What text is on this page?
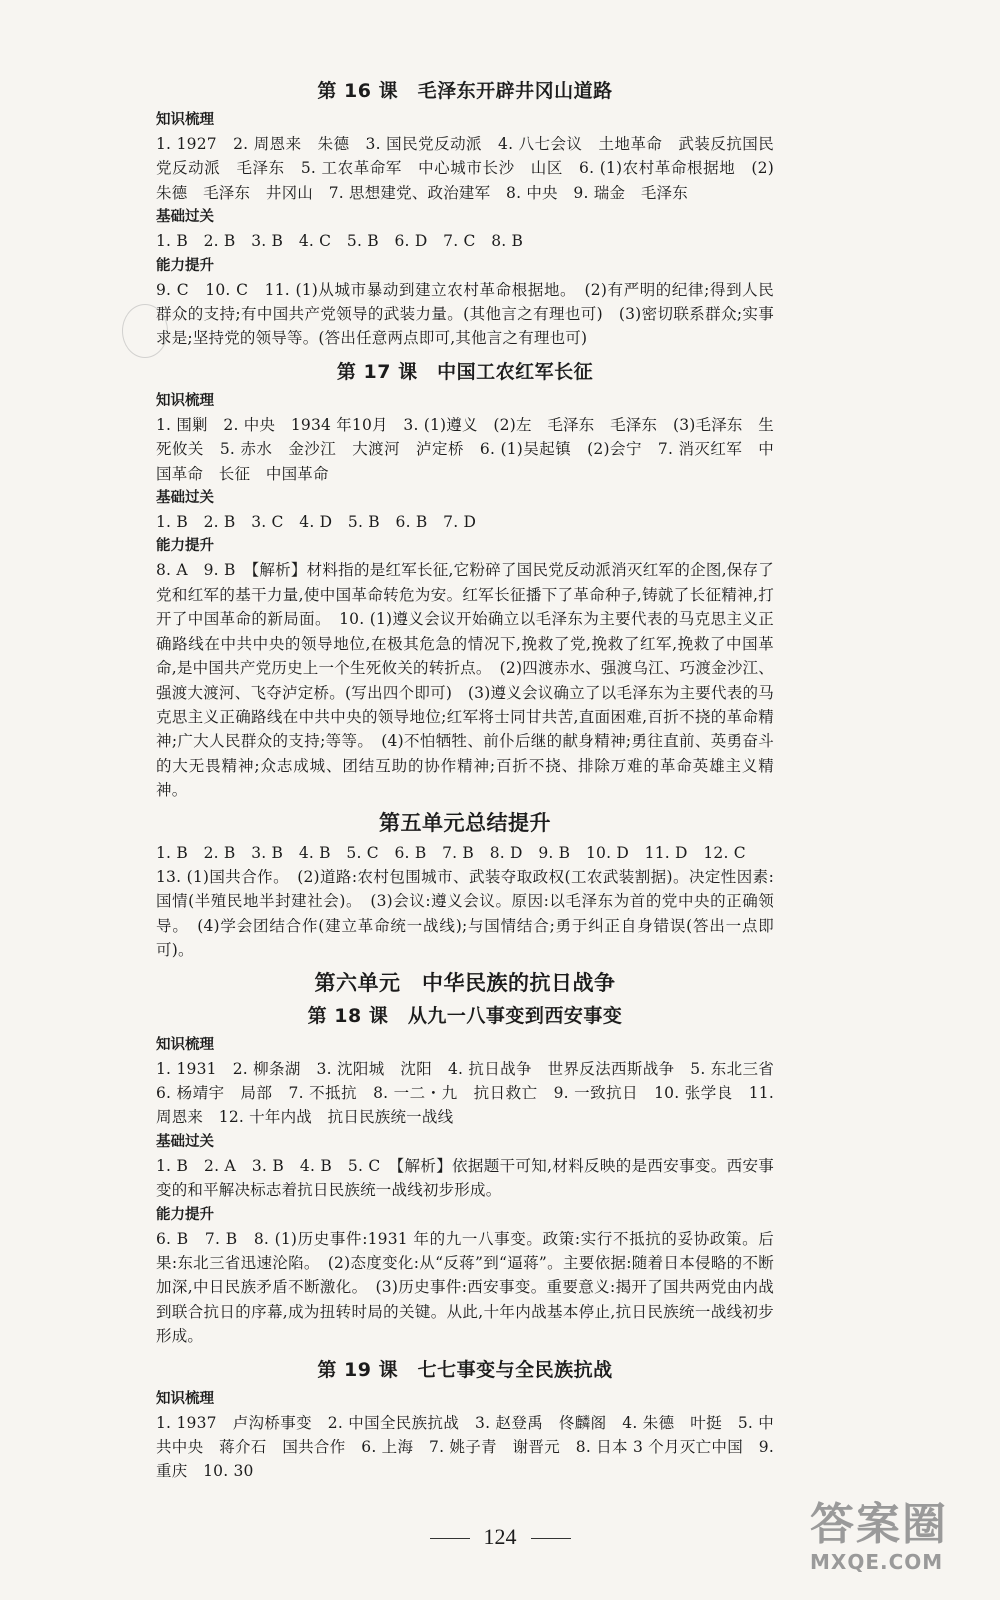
第 16 课　毛泽东开辟井冈山道路
知识梳理

1. 1927　2. 周恩来　朱德　3. 国民党反动派　4. 八七会议　土地革命　武装反抗国民党反动派　毛泽东　5. 工农革命军　中心城市长沙　山区　6. (1)农村革命根据地　(2)朱德　毛泽东　井冈山　7. 思想建党、政治建军　8. 中央　9. 瑞金　毛泽东

基础过关

1. B　2. B　3. B　4. C　5. B　6. D　7. C　8. B

能力提升

9. C　10. C　11. (1)从城市暴动到建立农村革命根据地。　(2)有严明的纪律;得到人民群众的支持;有中国共产党领导的武装力量。(其他言之有理也可)　(3)密切联系群众;实事求是;坚持党的领导等。(答出任意两点即可,其他言之有理也可)

第 17 课　中国工农红军长征
知识梳理

1. 围剿　2. 中央　1934 年10月　3. (1)遵义　(2)左　毛泽东　毛泽东　(3)毛泽东　生死攸关　5. 赤水　金沙江　大渡河　泸定桥　6. (1)吴起镇　(2)会宁　7. 消灭红军　中国革命　长征　中国革命

基础过关

1. B　2. B　3. C　4. D　5. B　6. B　7. D

能力提升

8. A　9. B　【解析】材料指的是红军长征,它粉碎了国民党反动派消灭红军的企图,保存了党和红军的基干力量,使中国革命转危为安。红军长征播下了革命种子,铸就了长征精神,打开了中国革命的新局面。　10. (1)遵义会议开始确立以毛泽东为主要代表的马克思主义正确路线在中共中央的领导地位,在极其危急的情况下,挽救了党,挽救了红军,挽救了中国革命,是中国共产党历史上一个生死攸关的转折点。　(2)四渡赤水、强渡乌江、巧渡金沙江、强渡大渡河、飞夺泸定桥。(写出四个即可)　(3)遵义会议确立了以毛泽东为主要代表的马克思主义正确路线在中共中央的领导地位;红军将士同甘共苦,直面困难,百折不挠的革命精神;广大人民群众的支持;等等。　(4)不怕牺牲、前仆后继的献身精神;勇往直前、英勇奋斗的大无畏精神;众志成城、团结互助的协作精神;百折不挠、排除万难的革命英雄主义精神。

第五单元总结提升

1. B　2. B　3. B　4. B　5. C　6. B　7. B　8. D　9. B　10. D　11. D　12. C

13. (1)国共合作。　(2)道路:农村包围城市、武装夺取政权(工农武装割据)。决定性因素:国情(半殖民地半封建社会)。　(3)会议:遵义会议。原因:以毛泽东为首的党中央的正确领导。　(4)学会团结合作(建立革命统一战线);与国情结合;勇于纠正自身错误(答出一点即可)。

第六单元　中华民族的抗日战争
第 18 课　从九一八事变到西安事变
知识梳理

1. 1931　2. 柳条湖　3. 沈阳城　沈阳　4. 抗日战争　世界反法西斯战争　5. 东北三省　6. 杨靖宇　局部　7. 不抵抗　8. 一二・九　抗日救亡　9. 一致抗日　10. 张学良　11. 周恩来　12. 十年内战　抗日民族统一战线

基础过关

1. B　2. A　3. B　4. B　5. C　【解析】依据题干可知,材料反映的是西安事变。西安事变的和平解决标志着抗日民族统一战线初步形成。

能力提升

6. B　7. B　8. (1)历史事件:1931 年的九一八事变。政策:实行不抵抗的妥协政策。后果:东北三省迅速沦陷。　(2)态度变化:从“反蒋”到“逼蒋”。主要依据:随着日本侵略的不断加深,中日民族矛盾不断激化。　(3)历史事件:西安事变。重要意义:揭开了国共两党由内战到联合抗日的序幕,成为扭转时局的关键。从此,十年内战基本停止,抗日民族统一战线初步形成。

第 19 课　七七事变与全民族抗战
知识梳理

1. 1937　卢沟桥事变　2. 中国全民族抗战　3. 赵登禹　佟麟阁　4. 朱德　叶挺　5. 中共中央　蒋介石　国共合作　6. 上海　7. 姚子青　谢晋元　8. 日本 3 个月灭亡中国　9. 重庆　10. 30

124	答案圈
MXQE.COM
